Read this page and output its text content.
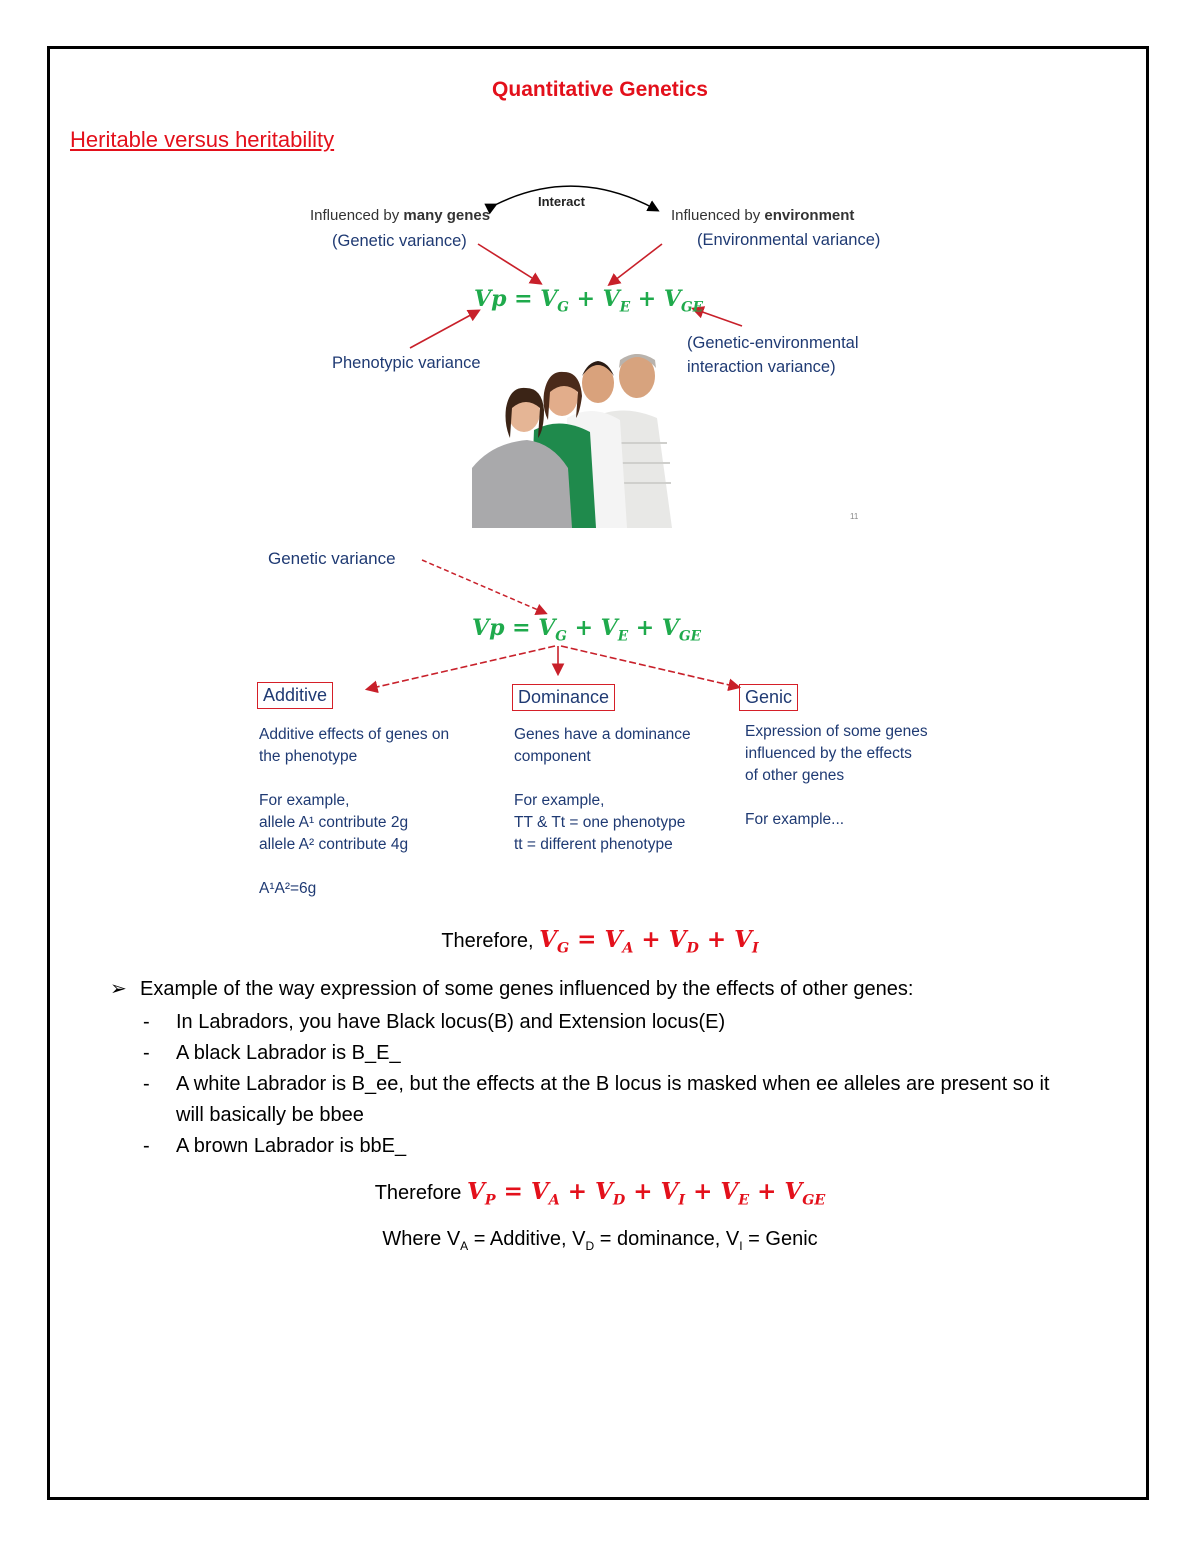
Quantitative Genetics
Heritable versus heritability
Interact
Influenced by many genes	Influenced by environment
(Genetic variance)	(Environmental variance)
$Vp = V_G + V_E + V_{GE}$
Phenotypic variance
(Genetic-environmental
interaction variance)
11
Genetic variance
$Vp = V_G + V_E + V_{GE}$
Additive	Dominance	Genic
Additive effects of genes on
the phenotype

For example,
allele A¹ contribute 2g
allele A² contribute 4g

A¹A²=6g
Genes have a dominance
component

For example,
TT & Tt = one phenotype
tt = different phenotype
Expression of some genes
influenced by the effects
of other genes

For example...
Therefore, $V_G = V_A + V_D + V_I$
➢ Example of the way expression of some genes influenced by the effects of other genes:
- In Labradors, you have Black locus(B) and Extension locus(E)
- A black Labrador is B_E_
- A white Labrador is B_ee, but the effects at the B locus is masked when ee alleles are present so it
will basically be bbee
- A brown Labrador is bbE_
Therefore $V_P = V_A + V_D + V_I + V_E + V_{GE}$
Where $V_A$ = Additive, $V_D$ = dominance, $V_I$ = Genic
